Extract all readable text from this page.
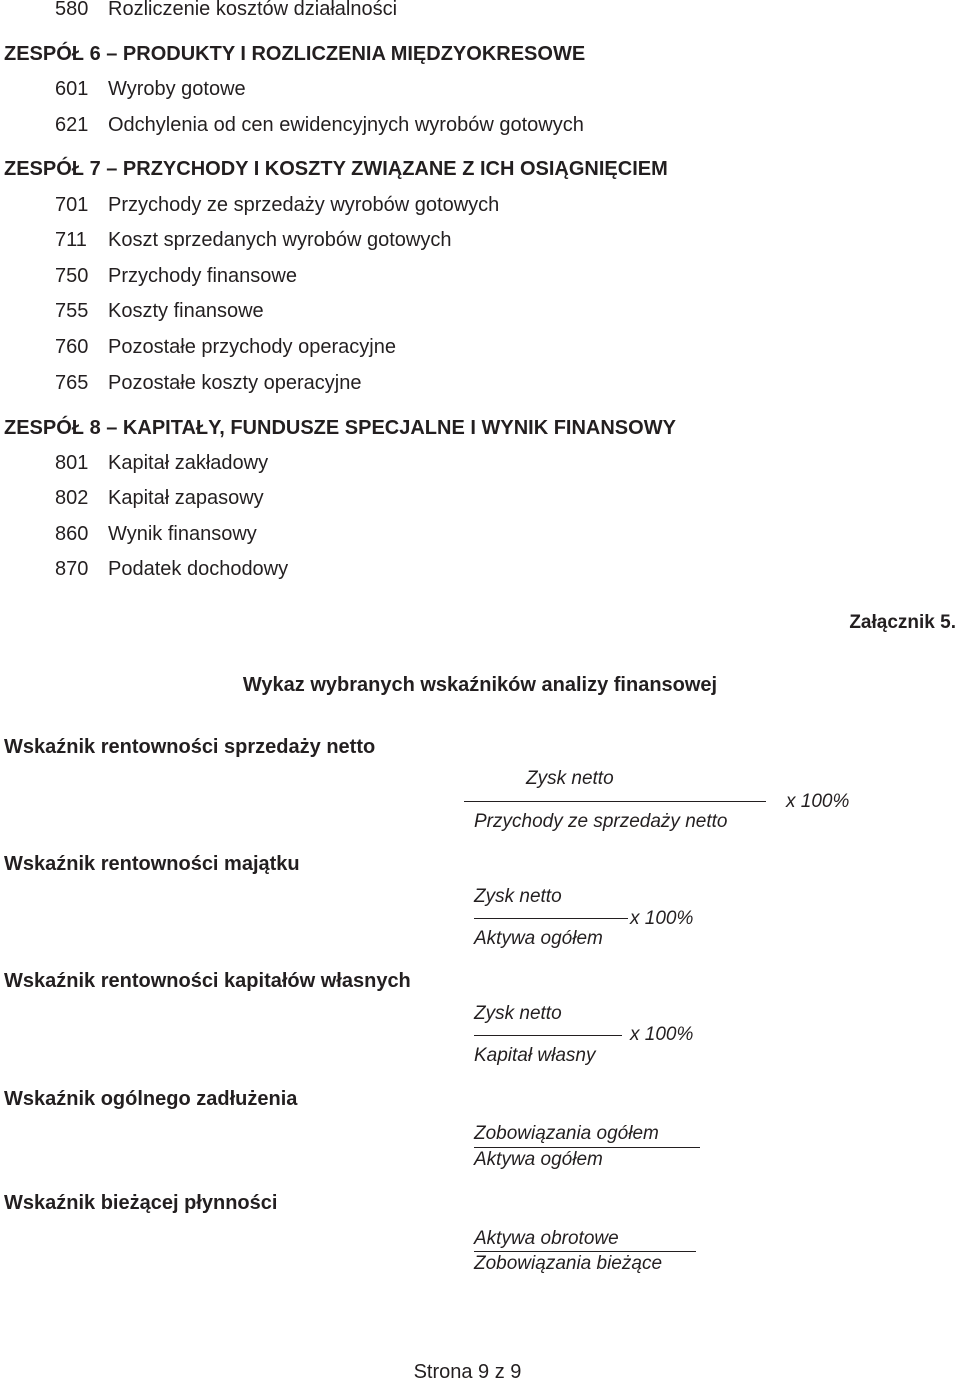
580 Rozliczenie kosztów działalności
ZESPÓŁ 6 – PRODUKTY I ROZLICZENIA MIĘDZYOKRESOWE
601 Wyroby gotowe
621 Odchylenia od cen ewidencyjnych wyrobów gotowych
ZESPÓŁ 7 – PRZYCHODY I KOSZTY ZWIĄZANE Z ICH OSIĄGNIĘCIEM
701 Przychody ze sprzedaży wyrobów gotowych
711 Koszt sprzedanych wyrobów gotowych
750 Przychody finansowe
755 Koszty finansowe
760 Pozostałe przychody operacyjne
765 Pozostałe koszty operacyjne
ZESPÓŁ 8 – KAPITAŁY, FUNDUSZE SPECJALNE I WYNIK FINANSOWY
801 Kapitał zakładowy
802 Kapitał zapasowy
860 Wynik finansowy
870 Podatek dochodowy
Załącznik 5.
Wykaz wybranych wskaźników analizy finansowej
Wskaźnik rentowności sprzedaży netto
Zysk netto
Przychody ze sprzedaży netto
x 100%
Wskaźnik rentowności majątku
Zysk netto
Aktywa ogółem
x 100%
Wskaźnik rentowności kapitałów własnych
Zysk netto
Kapitał własny
x 100%
Wskaźnik ogólnego zadłużenia
Zobowiązania ogółem
Aktywa ogółem
Wskaźnik bieżącej płynności
Aktywa obrotowe
Zobowiązania bieżące
Strona 9 z 9
